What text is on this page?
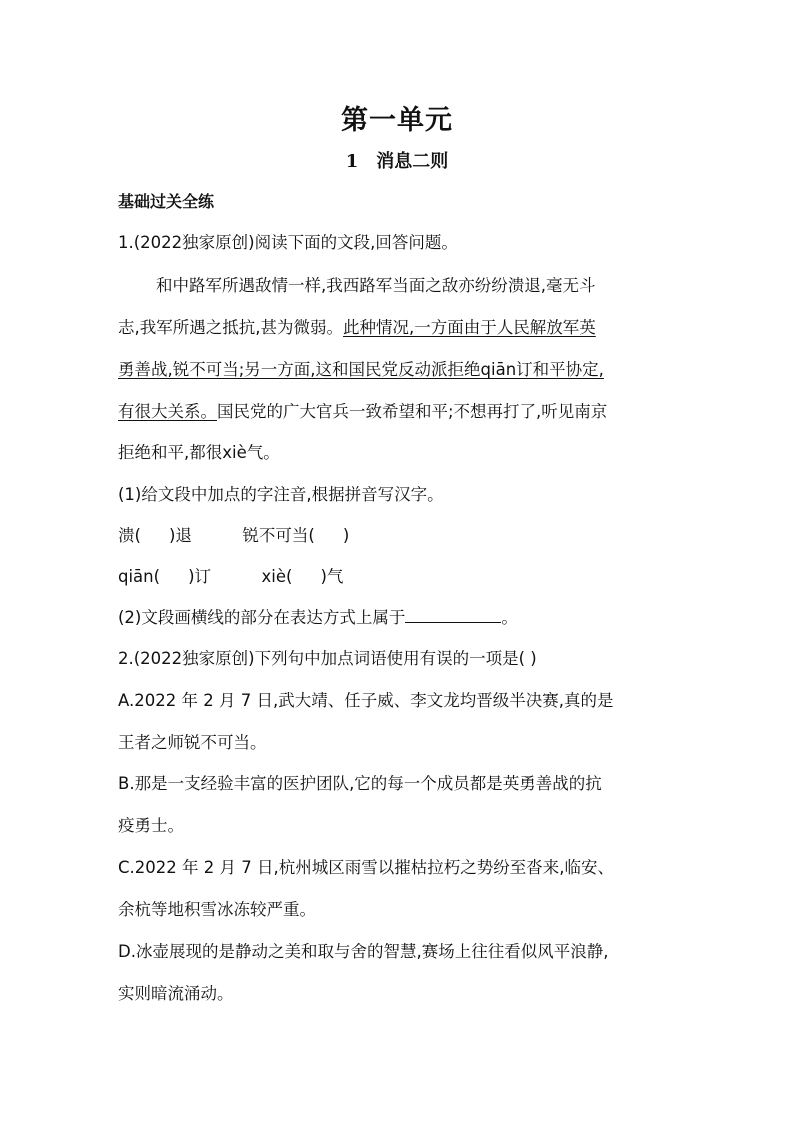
第一单元
1 消息二则
基础过关全练
1.(2022独家原创)阅读下面的文段,回答问题。
和中路军所遇敌情一样,我西路军当面之敌亦纷纷溃退,毫无斗
志,我军所遇之抵抗,甚为微弱。此种情况,一方面由于人民解放军英
勇善战,锐不可当;另一方面,这和国民党反动派拒绝qiān订和平协定,
有很大关系。国民党的广大官兵一致希望和平;不想再打了,听见南京
拒绝和平,都很xiè气。
(1)给文段中加点的字注音,根据拼音写汉字。
溃( )退	锐不可当( )
qiān( )订	xiè( )气
(2)文段画横线的部分在表达方式上属于	。
2.(2022独家原创)下列句中加点词语使用有误的一项是( )
A.2022 年 2 月 7 日,武大靖、任子威、李文龙均晋级半决赛,真的是
王者之师锐不可当。
B.那是一支经验丰富的医护团队,它的每一个成员都是英勇善战的抗
疫勇士。
C.2022 年 2 月 7 日,杭州城区雨雪以摧枯拉朽之势纷至沓来,临安、
余杭等地积雪冰冻较严重。
D.冰壶展现的是静动之美和取与舍的智慧,赛场上往往看似风平浪静,
实则暗流涌动。
